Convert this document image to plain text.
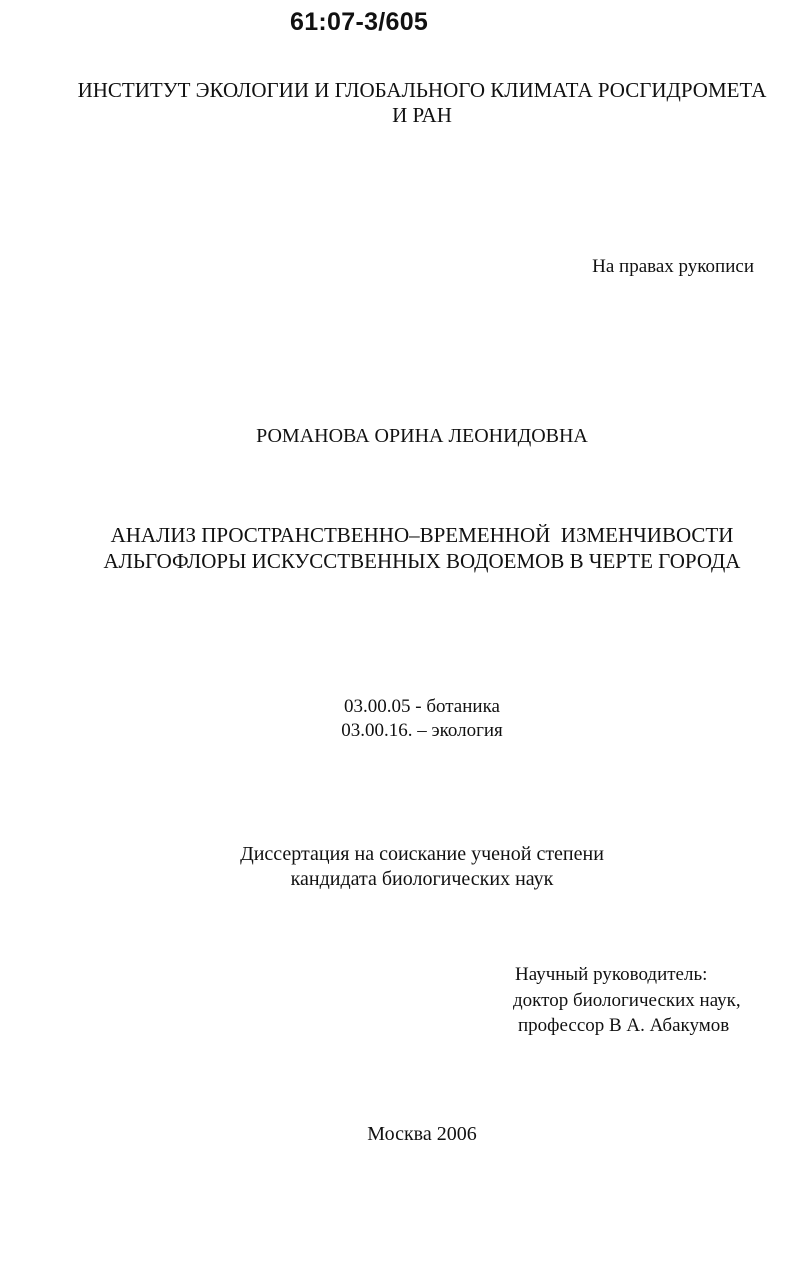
61:07-3/605
ИНСТИТУТ ЭКОЛОГИИ И ГЛОБАЛЬНОГО КЛИМАТА РОСГИДРОМЕТА
И РАН
На правах рукописи
РОМАНОВА ОРИНА ЛЕОНИДОВНА
АНАЛИЗ ПРОСТРАНСТВЕННО–ВРЕМЕННОЙ  ИЗМЕНЧИВОСТИ
АЛЬГОФЛОРЫ ИСКУССТВЕННЫХ ВОДОЕМОВ В ЧЕРТЕ ГОРОДА
03.00.05 - ботаника
03.00.16. – экология
Диссертация на соискание ученой степени
кандидата биологических наук
Научный руководитель:
доктор биологических наук,
профессор В А. Абакумов
Москва 2006
